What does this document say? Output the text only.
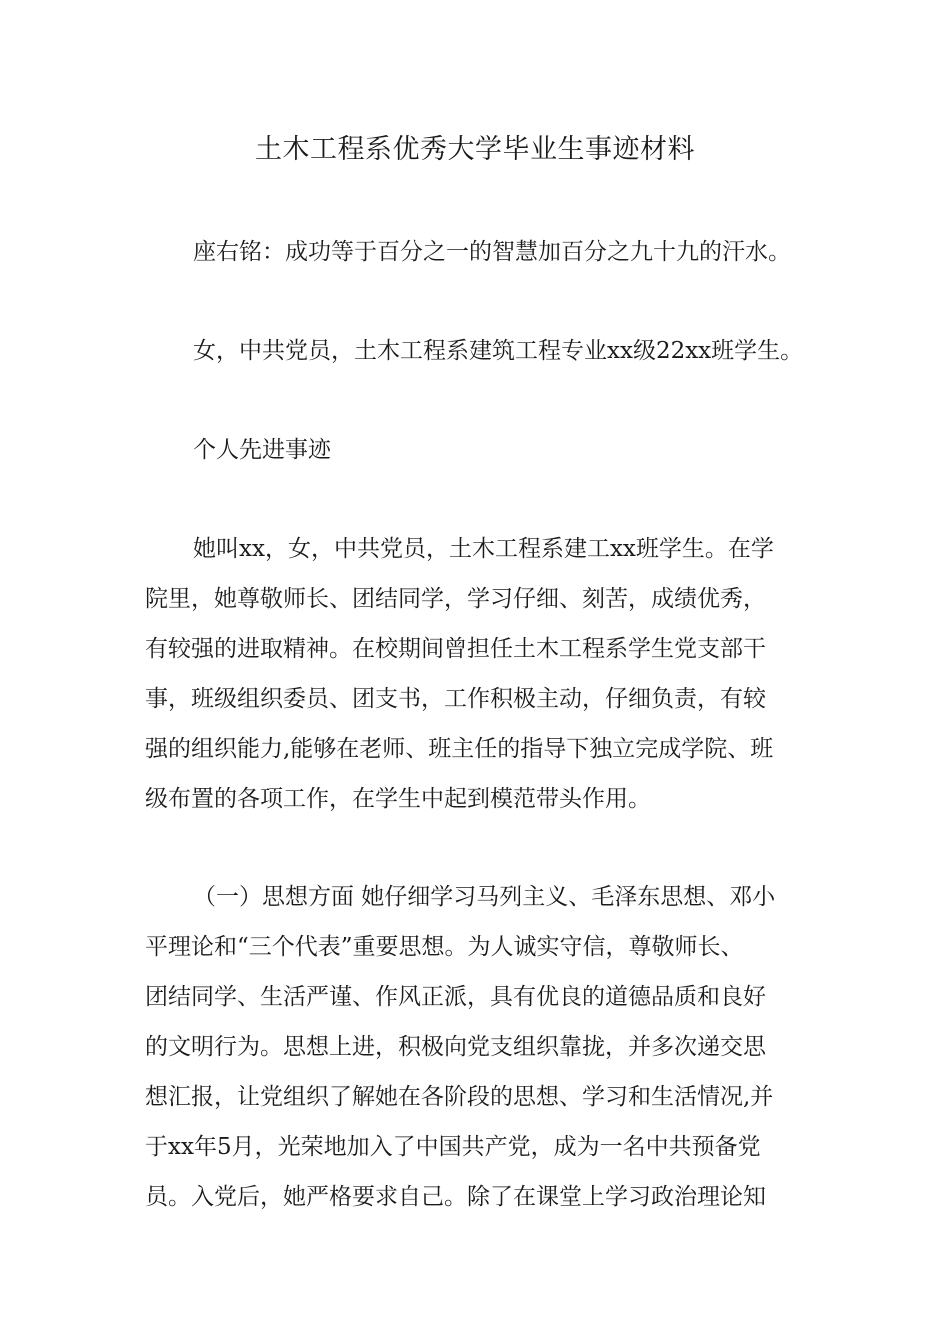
土木工程系优秀大学毕业生事迹材料

座右铭：成功等于百分之一的智慧加百分之九十九的汗水。

女，中共党员，土木工程系建筑工程专业xx级22xx班学生。

个人先进事迹

她叫xx，女，中共党员，土木工程系建工xx班学生。在学

院里，她尊敬师长、团结同学，学习仔细、刻苦，成绩优秀，

有较强的进取精神。在校期间曾担任土木工程系学生党支部干

事，班级组织委员、团支书，工作积极主动，仔细负责，有较

强的组织能力,能够在老师、班主任的指导下独立完成学院、班

级布置的各项工作，在学生中起到模范带头作用。

（一）思想方面 她仔细学习马列主义、毛泽东思想、邓小

平理论和“三个代表”重要思想。为人诚实守信，尊敬师长、

团结同学、生活严谨、作风正派，具有优良的道德品质和良好

的文明行为。思想上进，积极向党支组织靠拢，并多次递交思

想汇报，让党组织了解她在各阶段的思想、学习和生活情况,并

于xx年5月，光荣地加入了中国共产党，成为一名中共预备党

员。入党后，她严格要求自己。除了在课堂上学习政治理论知
